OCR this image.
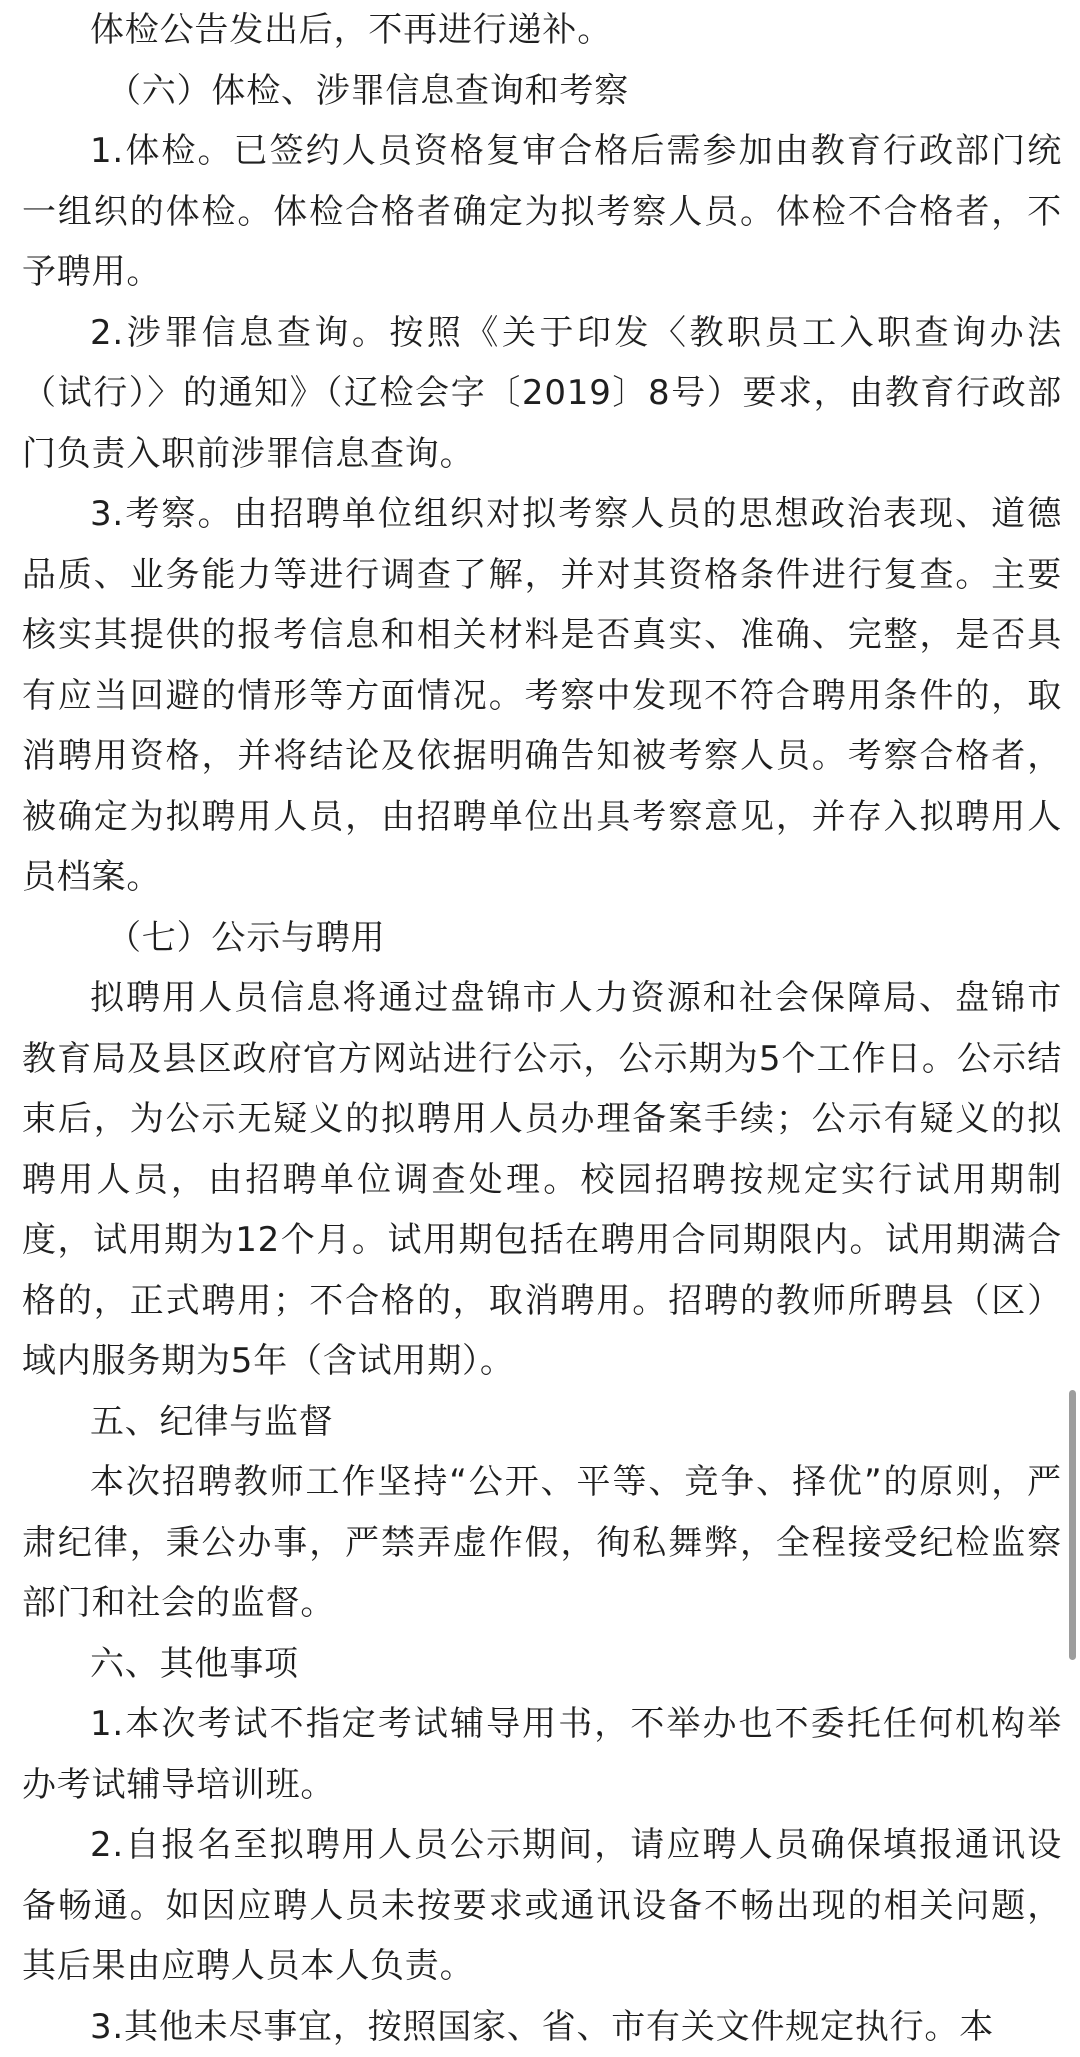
体检公告发出后，不再进行递补。

（六）体检、涉罪信息查询和考察

1.体检。已签约人员资格复审合格后需参加由教育行政部门统一组织的体检。体检合格者确定为拟考察人员。体检不合格者，不予聘用。

2.涉罪信息查询。按照《关于印发〈教职员工入职查询办法（试行）〉的通知》（辽检会字〔2019〕8号）要求，由教育行政部门负责入职前涉罪信息查询。

3.考察。由招聘单位组织对拟考察人员的思想政治表现、道德品质、业务能力等进行调查了解，并对其资格条件进行复查。主要核实其提供的报考信息和相关材料是否真实、准确、完整，是否具有应当回避的情形等方面情况。考察中发现不符合聘用条件的，取消聘用资格，并将结论及依据明确告知被考察人员。考察合格者，被确定为拟聘用人员，由招聘单位出具考察意见，并存入拟聘用人员档案。

（七）公示与聘用

拟聘用人员信息将通过盘锦市人力资源和社会保障局、盘锦市教育局及县区政府官方网站进行公示，公示期为5个工作日。公示结束后，为公示无疑义的拟聘用人员办理备案手续；公示有疑义的拟聘用人员，由招聘单位调查处理。校园招聘按规定实行试用期制度，试用期为12个月。试用期包括在聘用合同期限内。试用期满合格的，正式聘用；不合格的，取消聘用。招聘的教师所聘县（区）域内服务期为5年（含试用期）。

五、纪律与监督

本次招聘教师工作坚持“公开、平等、竞争、择优”的原则，严肃纪律，秉公办事，严禁弄虚作假，徇私舞弊，全程接受纪检监察部门和社会的监督。

六、其他事项

1.本次考试不指定考试辅导用书，不举办也不委托任何机构举办考试辅导培训班。

2.自报名至拟聘用人员公示期间，请应聘人员确保填报通讯设备畅通。如因应聘人员未按要求或通讯设备不畅出现的相关问题，其后果由应聘人员本人负责。

3.其他未尽事宜，按照国家、省、市有关文件规定执行。本
